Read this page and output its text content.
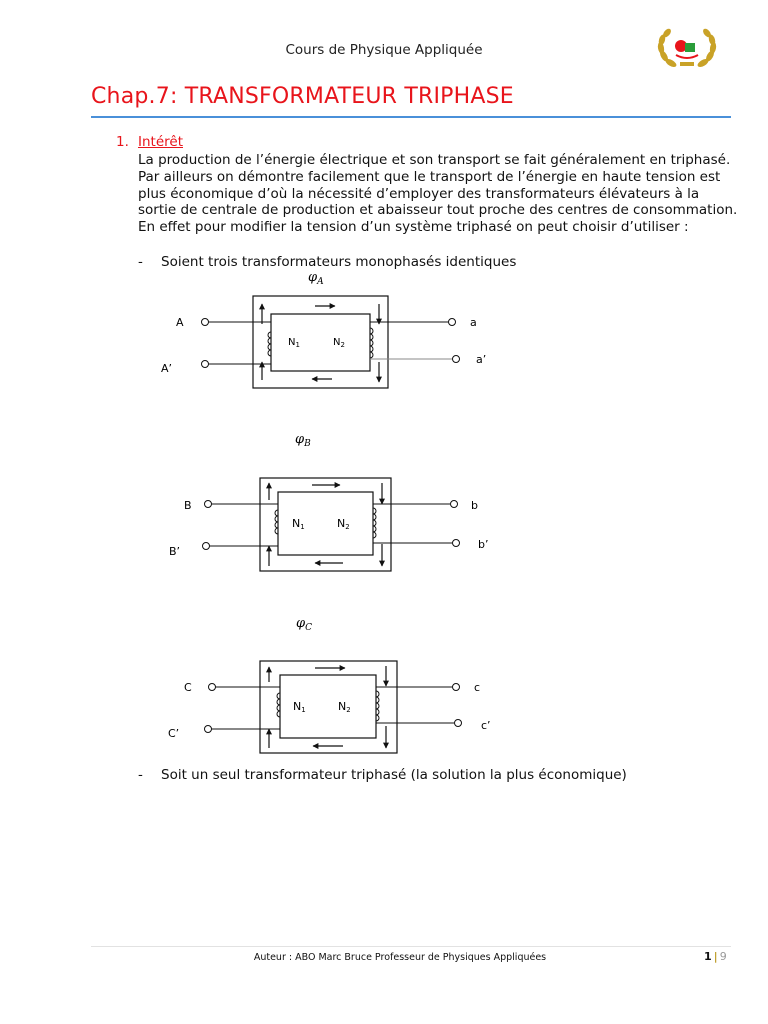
Cours de Physique Appliquée
Chap.7: TRANSFORMATEUR TRIPHASE
1. Intérêt
La production de l’énergie électrique et son transport se fait généralement en triphasé. Par ailleurs on démontre facilement que le transport de l’énergie en haute tension est plus économique d’où la nécessité d’employer des transformateurs élévateurs à la sortie de centrale de production et abaisseur tout proche des centres de consommation. En effet pour modifier la tension d’un système triphasé on peut choisir d’utiliser :
- Soient trois transformateurs monophasés identiques
$\varphi_A$
A
A’
a
a’
$N_1$	$N_2$
$\varphi_B$
B
B’
b
b’
N1	N2
$\varphi_C$
C
C’
c
c’
N1	N2
- Soit un seul transformateur triphasé (la solution la plus économique)
Auteur : ABO Marc Bruce Professeur de Physiques Appliquées	1 | 9
